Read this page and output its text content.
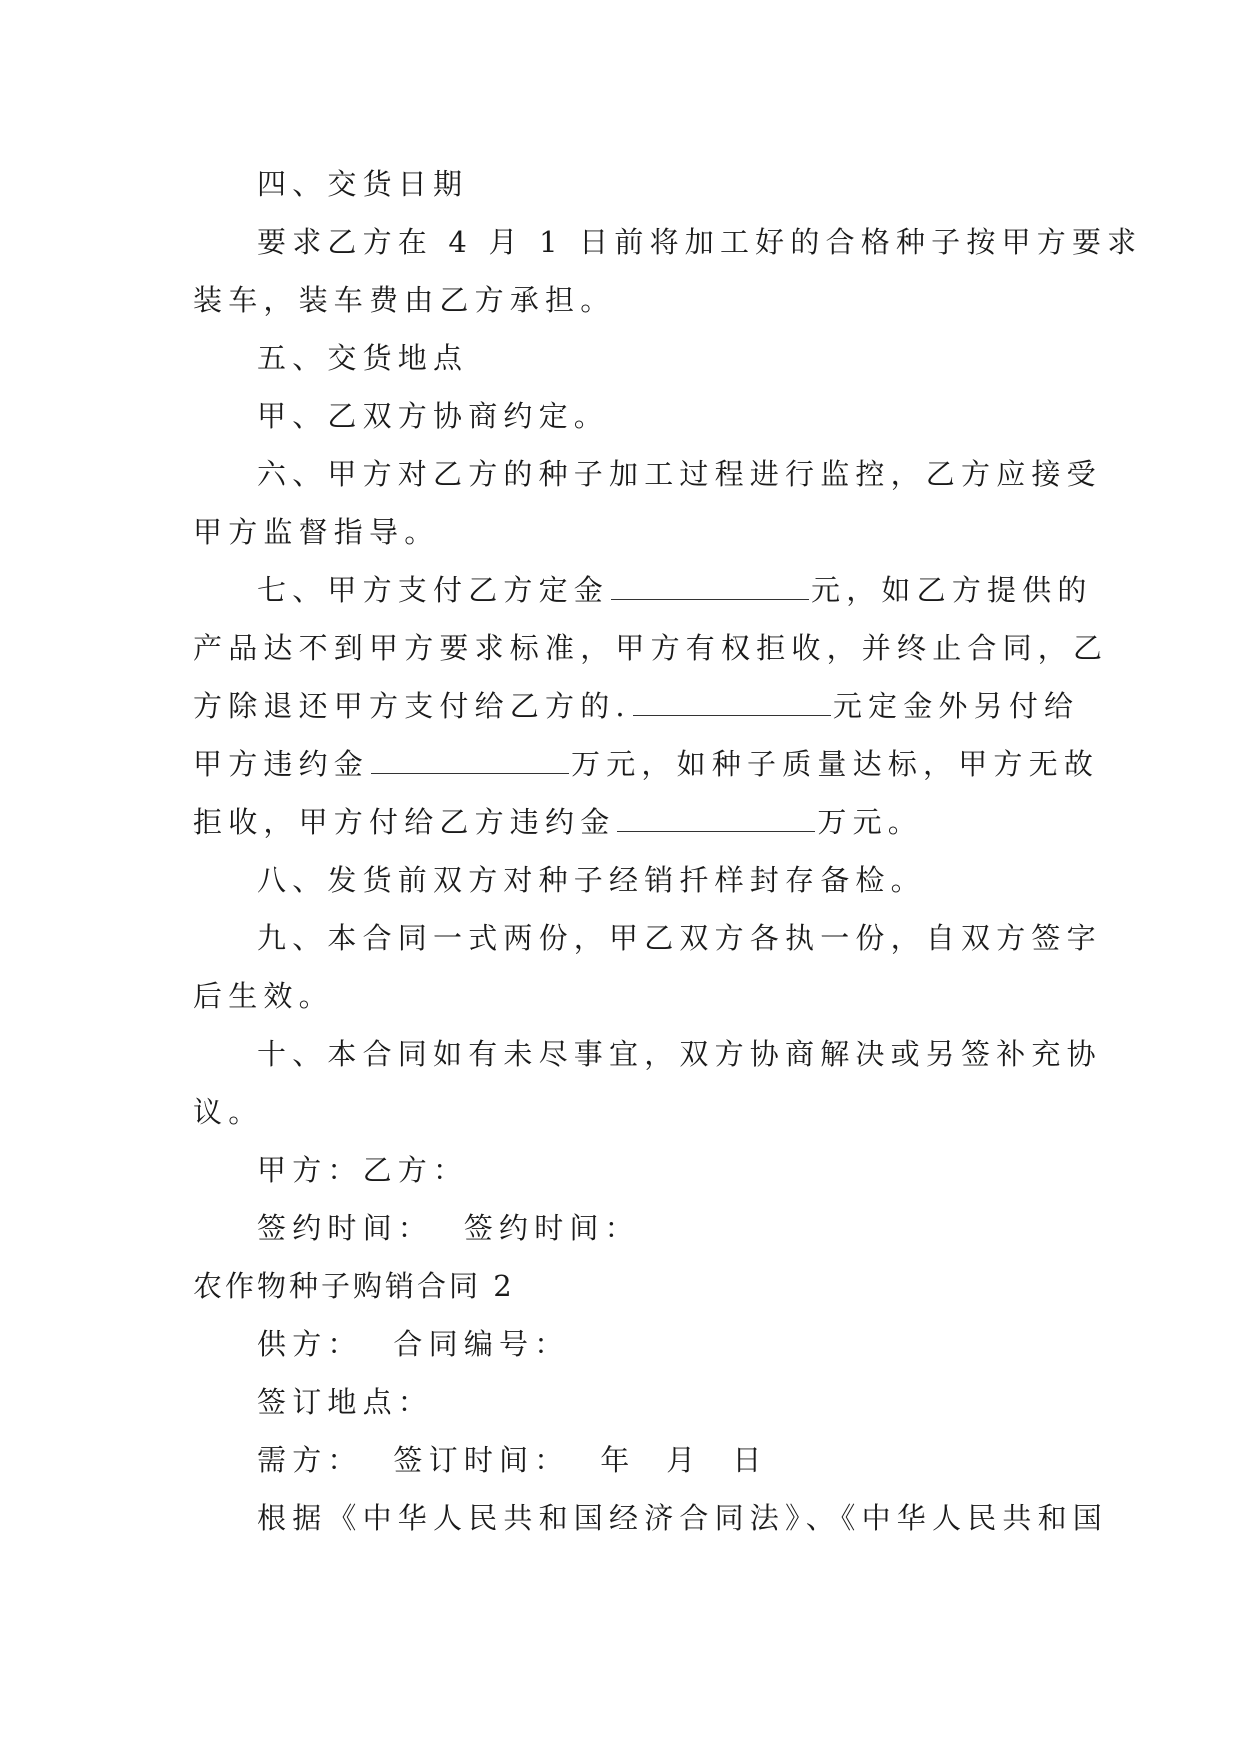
四、交货日期
要求乙方在 4 月 1 日前将加工好的合格种子按甲方要求
装车，装车费由乙方承担。
五、交货地点
甲、乙双方协商约定。
六、甲方对乙方的种子加工过程进行监控，乙方应接受
甲方监督指导。
七、甲方支付乙方定金	元，如乙方提供的
产品达不到甲方要求标准，甲方有权拒收，并终止合同，乙
方除退还甲方支付给乙方的.	元定金外另付给
甲方违约金	万元，如种子质量达标，甲方无故
拒收，甲方付给乙方违约金	万元。
八、发货前双方对种子经销扦样封存备检。
九、本合同一式两份，甲乙双方各执一份，自双方签字
后生效。
十、本合同如有未尽事宜，双方协商解决或另签补充协
议。
甲方：乙方：
签约时间：  签约时间：
农作物种子购销合同 2
供方：  合同编号：
签订地点：
需方：  签订时间：  年  月  日
根据《中华人民共和国经济合同法》、《中华人民共和国
